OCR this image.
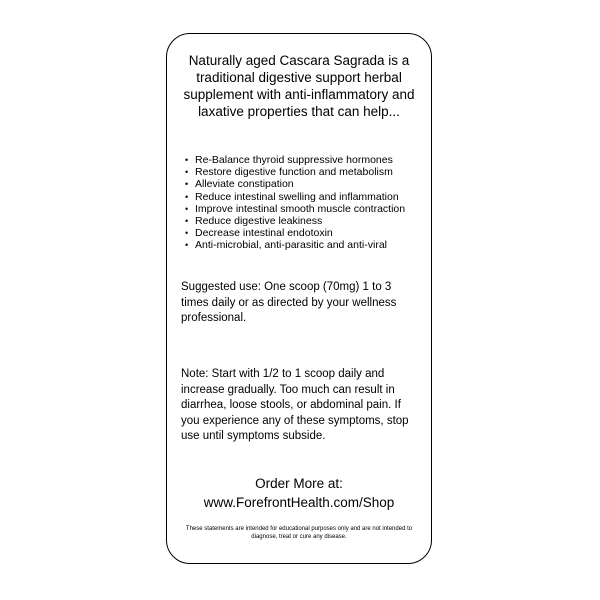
Naturally aged Cascara Sagrada is a traditional digestive support herbal supplement with anti-inflammatory and laxative properties that can help...

• Re-Balance thyroid suppressive hormones
• Restore digestive function and metabolism
• Alleviate constipation
• Reduce intestinal swelling and inflammation
• Improve intestinal smooth muscle contraction
• Reduce digestive leakiness
• Decrease intestinal endotoxin
• Anti-microbial, anti-parasitic and anti-viral

Suggested use: One scoop (70mg) 1 to 3 times daily or as directed by your wellness professional.

Note: Start with 1/2 to 1 scoop daily and increase gradually. Too much can result in diarrhea, loose stools, or abdominal pain. If you experience any of these symptoms, stop use until symptoms subside.

Order More at:
www.ForefrontHealth.com/Shop

These statements are intended for educational purposes only and are not intended to diagnose, treat or cure any disease.
